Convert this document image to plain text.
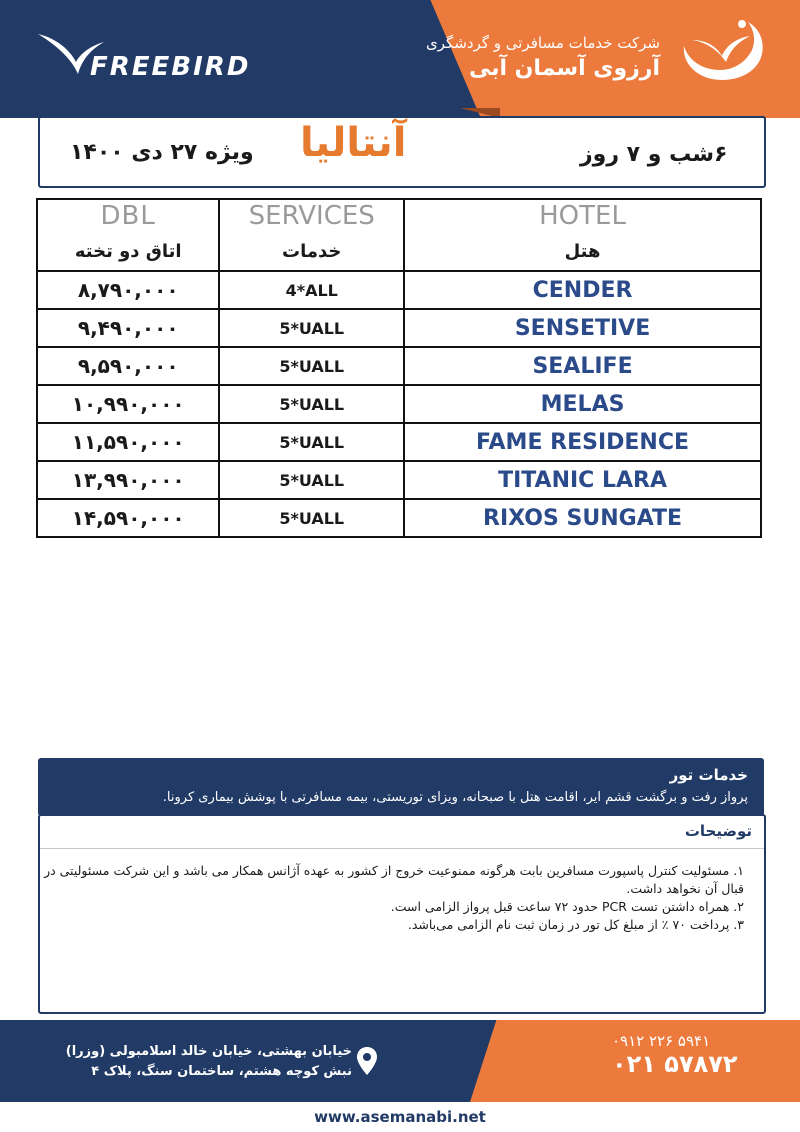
FREEBIRD
شرکت خدمات مسافرتی و گردشگری
آرزوی آسمان آبی
ویژه ۲۷ دی ۱۴۰۰ آنتالیا	۶شب و ۷ روز
DBL	SERVICES	HOTEL
اتاق دو تخته	خدمات	هتل
۸,۷۹۰,۰۰۰	4*ALL	CENDER
۹,۴۹۰,۰۰۰	5*UALL	SENSETIVE
۹,۵۹۰,۰۰۰	5*UALL	SEALIFE
۱۰,۹۹۰,۰۰۰	5*UALL	MELAS
۱۱,۵۹۰,۰۰۰	5*UALL	FAME RESIDENCE
۱۳,۹۹۰,۰۰۰	5*UALL	TITANIC LARA
۱۴,۵۹۰,۰۰۰	5*UALL	RIXOS SUNGATE
خدمات تور
پرواز رفت و برگشت قشم ایر، اقامت هتل با صبحانه، ویزای توریستی، بیمه مسافرتی با پوشش بیماری کرونا.
توضیحات
۱. مسئولیت کنترل پاسپورت مسافرین بابت هرگونه ممنوعیت خروج از کشور به عهده آژانس همکار می باشد و این شرکت مسئولیتی در قبال آن نخواهد داشت.
۲. همراه داشتن تست PCR حدود ۷۲ ساعت قبل پرواز الزامی است.
۳. پرداخت ۷۰ ٪ از مبلغ کل تور در زمان ثبت نام الزامی می‌باشد.
خیابان بهشتی، خیابان خالد اسلامبولی (وزرا)
نبش کوچه هشتم، ساختمان سنگ، پلاک ۴
۰۹۱۲ ۲۲۶ ۵۹۴۱
۰۲۱ ۵۷۸۷۲
www.asemanabi.net
